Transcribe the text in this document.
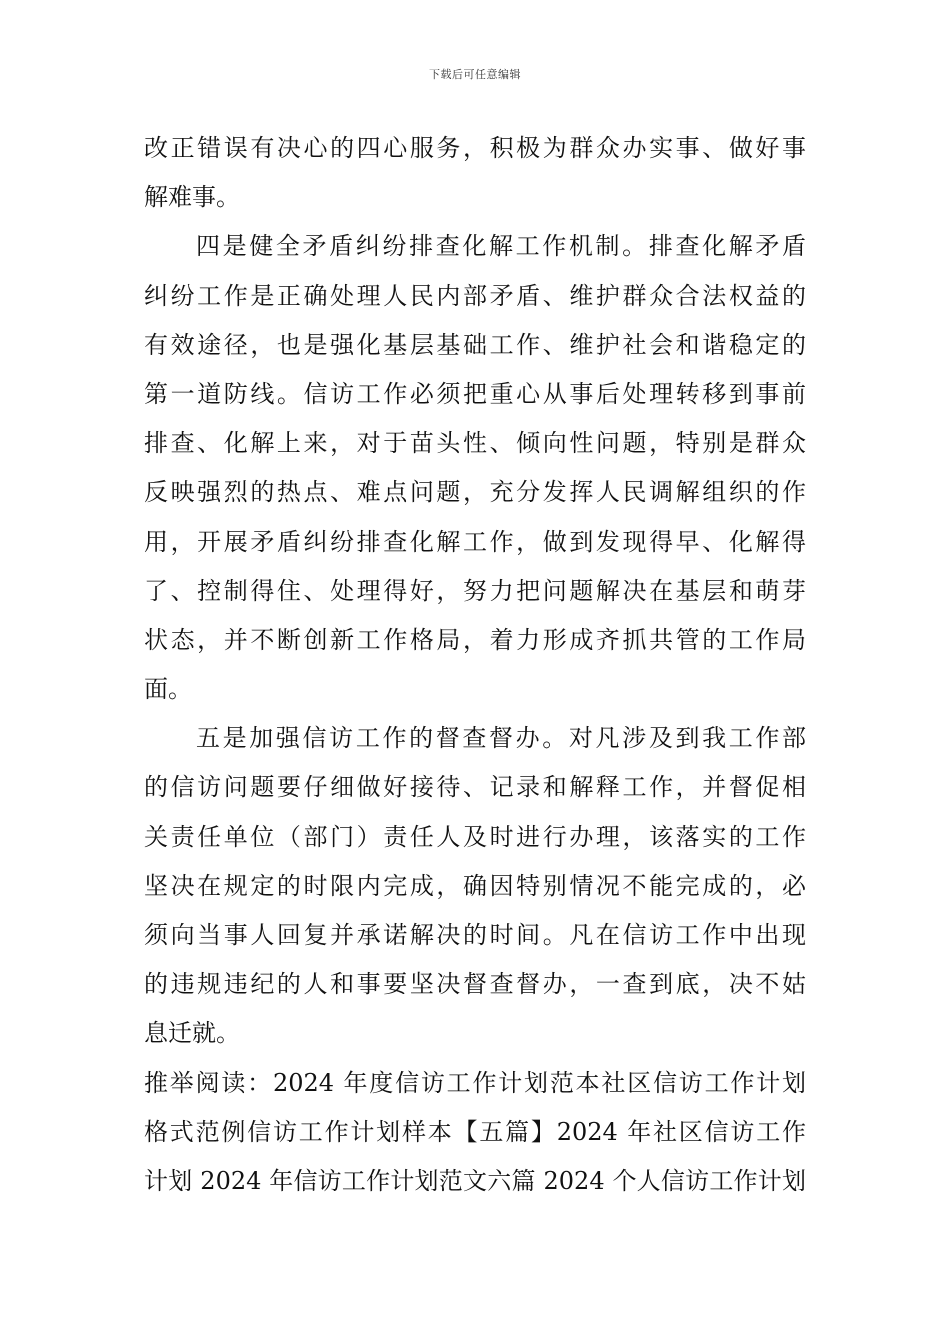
下载后可任意编辑
改正错误有决心的四心服务，积极为群众办实事、做好事
解难事。
四是健全矛盾纠纷排查化解工作机制。排查化解矛盾
纠纷工作是正确处理人民内部矛盾、维护群众合法权益的
有效途径，也是强化基层基础工作、维护社会和谐稳定的
第一道防线。信访工作必须把重心从事后处理转移到事前
排查、化解上来，对于苗头性、倾向性问题，特别是群众
反映强烈的热点、难点问题，充分发挥人民调解组织的作
用，开展矛盾纠纷排查化解工作，做到发现得早、化解得
了、控制得住、处理得好，努力把问题解决在基层和萌芽
状态，并不断创新工作格局，着力形成齐抓共管的工作局
面。
五是加强信访工作的督查督办。对凡涉及到我工作部
的信访问题要仔细做好接待、记录和解释工作，并督促相
关责任单位（部门）责任人及时进行办理，该落实的工作
坚决在规定的时限内完成，确因特别情况不能完成的，必
须向当事人回复并承诺解决的时间。凡在信访工作中出现
的违规违纪的人和事要坚决督查督办，一查到底，决不姑
息迁就。
推举阅读：2024 年度信访工作计划范本社区信访工作计划
格式范例信访工作计划样本【五篇】2024 年社区信访工作
计划 2024 年信访工作计划范文六篇 2024 个人信访工作计划
